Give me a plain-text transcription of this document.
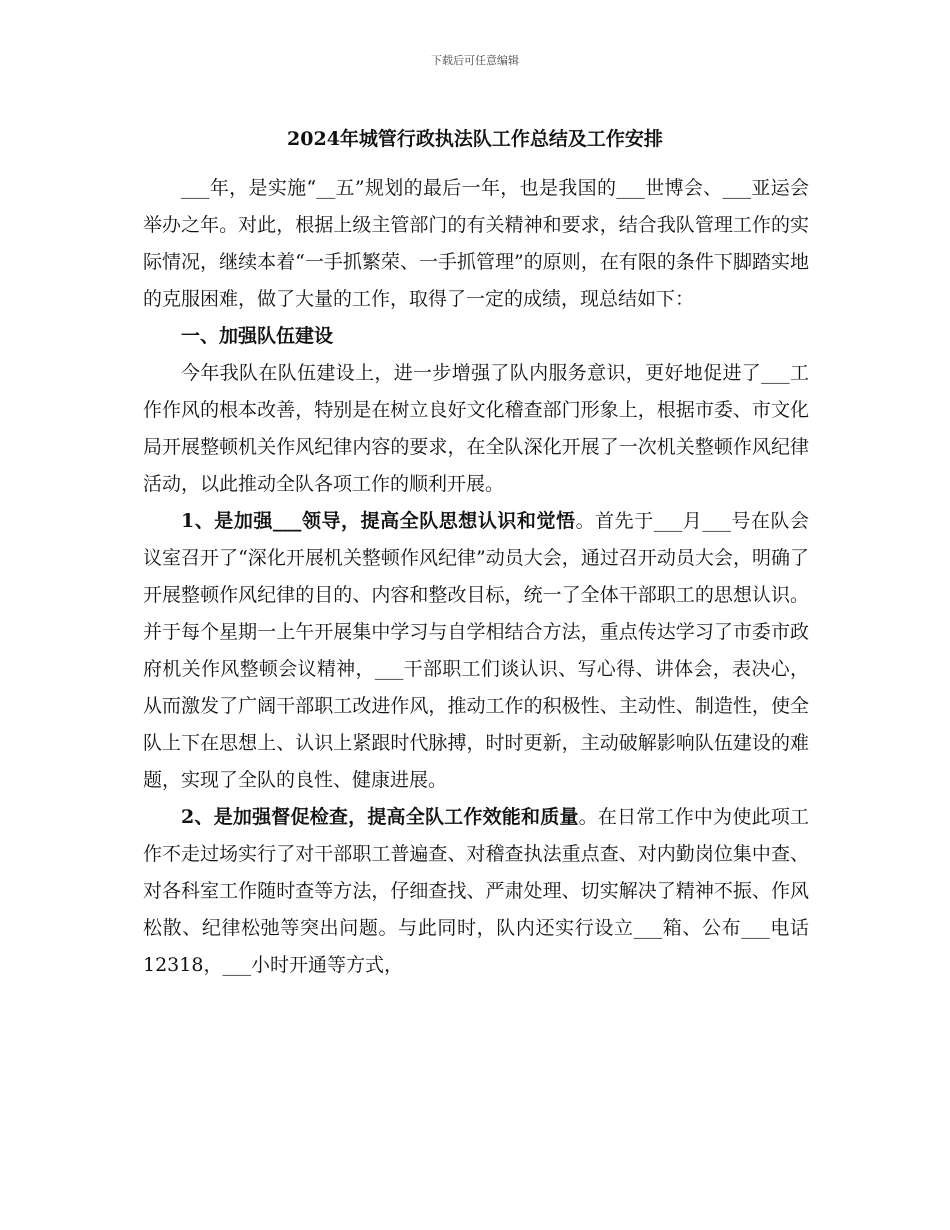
下载后可任意编辑
2024年城管行政执法队工作总结及工作安排

___年，是实施“__五”规划的最后一年，也是我国的___世博会、___亚运会举办之年。对此，根据上级主管部门的有关精神和要求，结合我队管理工作的实际情况，继续本着“一手抓繁荣、一手抓管理”的原则，在有限的条件下脚踏实地的克服困难，做了大量的工作，取得了一定的成绩，现总结如下：

一、加强队伍建设

今年我队在队伍建设上，进一步增强了队内服务意识，更好地促进了___工作作风的根本改善，特别是在树立良好文化稽查部门形象上，根据市委、市文化局开展整顿机关作风纪律内容的要求，在全队深化开展了一次机关整顿作风纪律活动，以此推动全队各项工作的顺利开展。

1、是加强___领导，提高全队思想认识和觉悟。首先于___月___号在队会议室召开了“深化开展机关整顿作风纪律”动员大会，通过召开动员大会，明确了开展整顿作风纪律的目的、内容和整改目标，统一了全体干部职工的思想认识。并于每个星期一上午开展集中学习与自学相结合方法，重点传达学习了市委市政府机关作风整顿会议精神，___干部职工们谈认识、写心得、讲体会，表决心，从而激发了广阔干部职工改进作风，推动工作的积极性、主动性、制造性，使全队上下在思想上、认识上紧跟时代脉搏，时时更新，主动破解影响队伍建设的难题，实现了全队的良性、健康进展。

2、是加强督促检查，提高全队工作效能和质量。在日常工作中为使此项工作不走过场实行了对干部职工普遍查、对稽查执法重点查、对内勤岗位集中查、对各科室工作随时查等方法，仔细查找、严肃处理、切实解决了精神不振、作风松散、纪律松弛等突出问题。与此同时，队内还实行设立___箱、公布___电话12318，___小时开通等方式，
